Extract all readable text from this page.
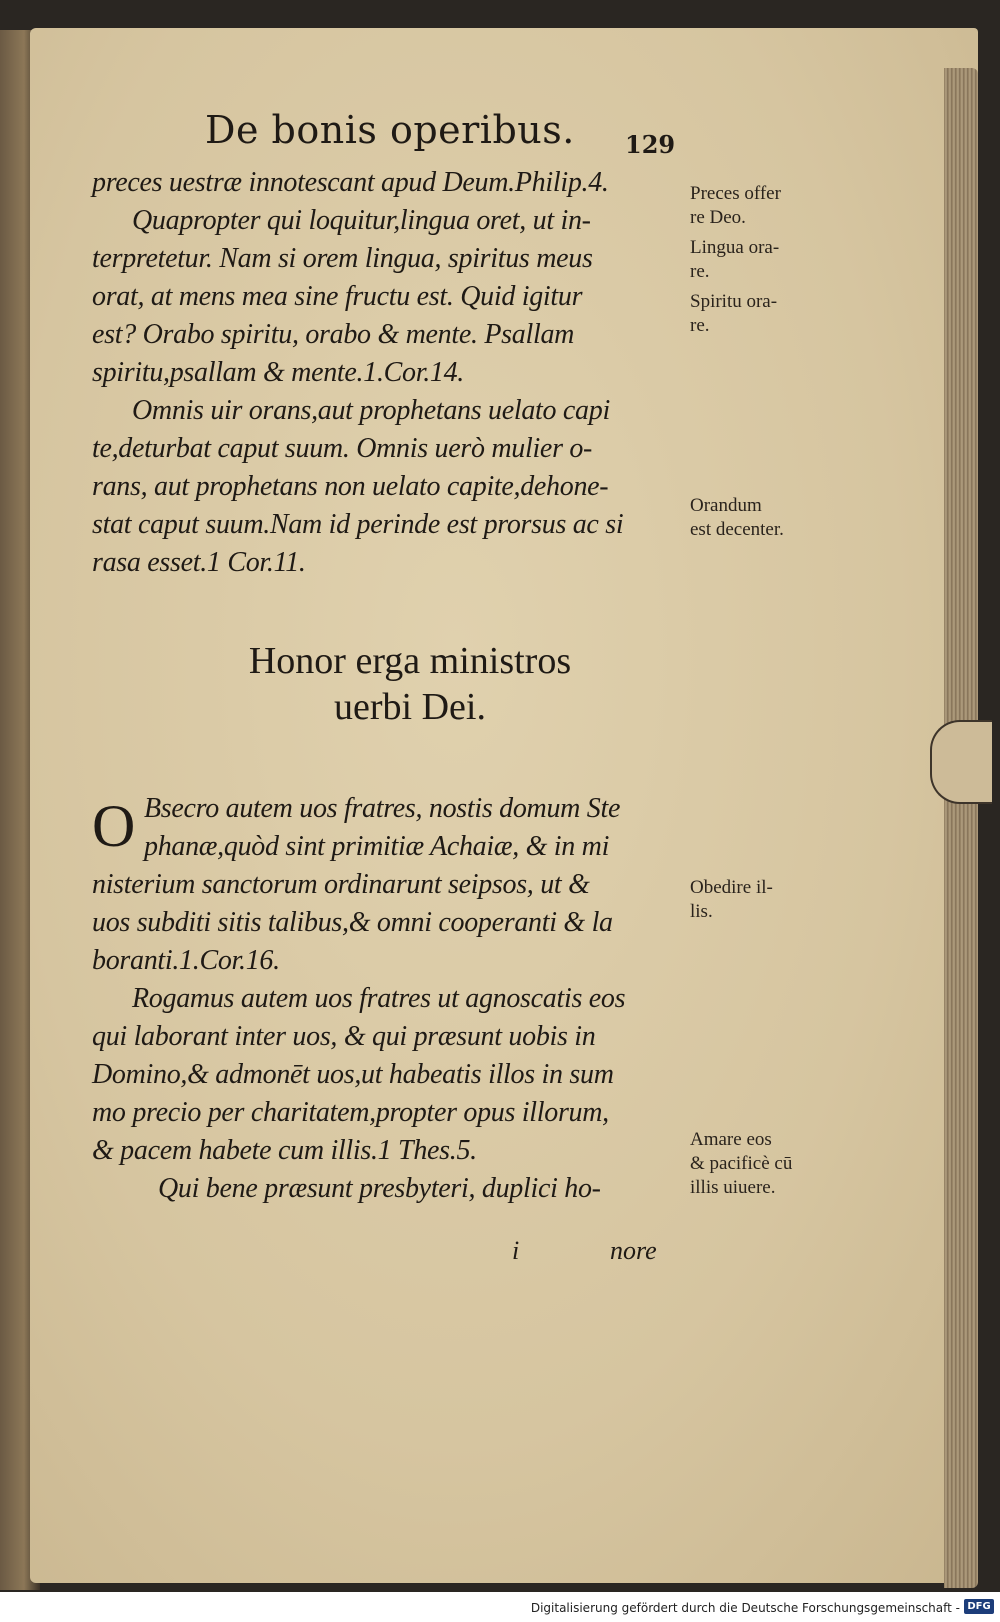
De bonis operibus. 129
preces uestræ innotescant apud Deum.Philip.4.
Quapropter qui loquitur,lingua oret, ut in-
terpretetur. Nam si orem lingua, spiritus meus
orat, at mens mea sine fructu est. Quid igitur
est? Orabo spiritu, orabo & mente. Psallam
spiritu,psallam & mente.1.Cor.14.
Omnis uir orans,aut prophetans uelato capi
te,deturbat caput suum. Omnis uerò mulier o-
rans, aut prophetans non uelato capite,dehone-
stat caput suum.Nam id perinde est prorsus ac si
rasa esset.1 Cor.11.
Honor erga ministros
uerbi Dei.
O Bsecro autem uos fratres, nostis domum Ste
phanæ,quòd sint primitiæ Achaiæ, & in mi
nisterium sanctorum ordinarunt seipsos, ut &
uos subditi sitis talibus,& omni cooperanti & la
boranti.1.Cor.16.
Rogamus autem uos fratres ut agnoscatis eos
qui laborant inter uos, & qui præsunt uobis in
Domino,& admonēt uos,ut habeatis illos in sum
mo precio per charitatem,propter opus illorum,
& pacem habete cum illis.1 Thes.5.
Qui bene præsunt presbyteri, duplici ho-
i	nore
Preces offer
re Deo.
Lingua ora-
re.
Spiritu ora-
re.
Orandum
est decenter.
Obedire il-
lis.
Amare eos
& pacificè cū
illis uiuere.
Digitalisierung gefördert durch die Deutsche Forschungsgemeinschaft - DFG
